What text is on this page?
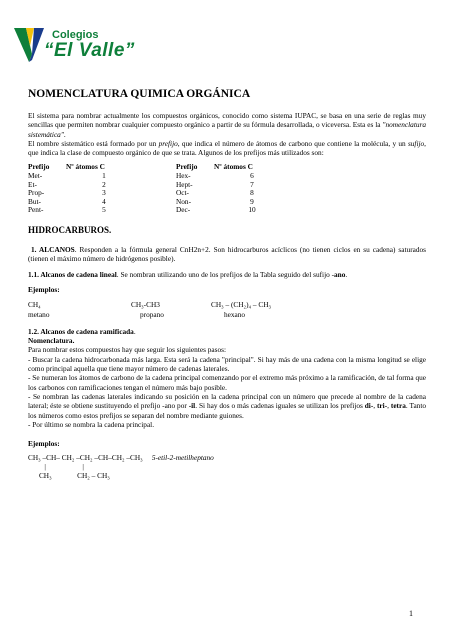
Colegios
“El Valle”
NOMENCLATURA QUIMICA ORGÁNICA

El sistema para nombrar actualmente los compuestos orgánicos, conocido como sistema IUPAC, se basa en una serie de reglas muy sencillas que permiten nombrar cualquier compuesto orgánico a partir de su fórmula desarrollada, o viceversa. Esta es la "nomenclatura sistemática".
El nombre sistemático está formado por un prefijo, que indica el número de átomos de carbono que contiene la molécula, y un sufijo, que indica la clase de compuesto orgánico de que se trata. Algunos de los prefijos más utilizados son:

Prefijo	Nº átomos C		Prefijo	Nº átomos C
Met-	1		Hex-	6
Et-	2		Hept-	7
Prop-	3		Oct-	8
But-	4		Non-	9
Pent-	5		Dec-	10
HIDROCARBUROS.

1. ALCANOS. Responden a la fórmula general CnH2n+2. Son hidrocarburos acíclicos (no tienen ciclos en su cadena) saturados (tienen el máximo número de hidrógenos posible).

1.1. Alcanos de cadena lineal. Se nombran utilizando uno de los prefijos de la Tabla seguido del sufijo -ano.

Ejemplos:

CH₄	CH₃-CH3	CH₃ – (CH₂)₄ – CH₃
metano	propano	hexano

1.2. Alcanos de cadena ramificada.
Nomenclatura.
Para nombrar estos compuestos hay que seguir los siguientes pasos:

- Buscar la cadena hidrocarbonada más larga. Esta será la cadena "principal". Si hay más de una cadena con la misma longitud se elige como principal aquella que tiene mayor número de cadenas laterales.

- Se numeran los átomos de carbono de la cadena principal comenzando por el extremo más próximo a la ramificación, de tal forma que los carbonos con ramificaciones tengan el número más bajo posible.

- Se nombran las cadenas laterales indicando su posición en la cadena principal con un número que precede al nombre de la cadena lateral; éste se obtiene sustituyendo el prefijo -ano por -il. Si hay dos o más cadenas iguales se utilizan los prefijos di-, tri-, tetra. Tanto los números como estos prefijos se separan del nombre mediante guiones.

- Por último se nombra la cadena principal.

Ejemplos:

CH₃ –CH– CH₂ –CH₂ –CH–CH₂ –CH₃ 5-etil-2-metilheptano
|                    |
CH₃              CH₂ – CH₃
1
